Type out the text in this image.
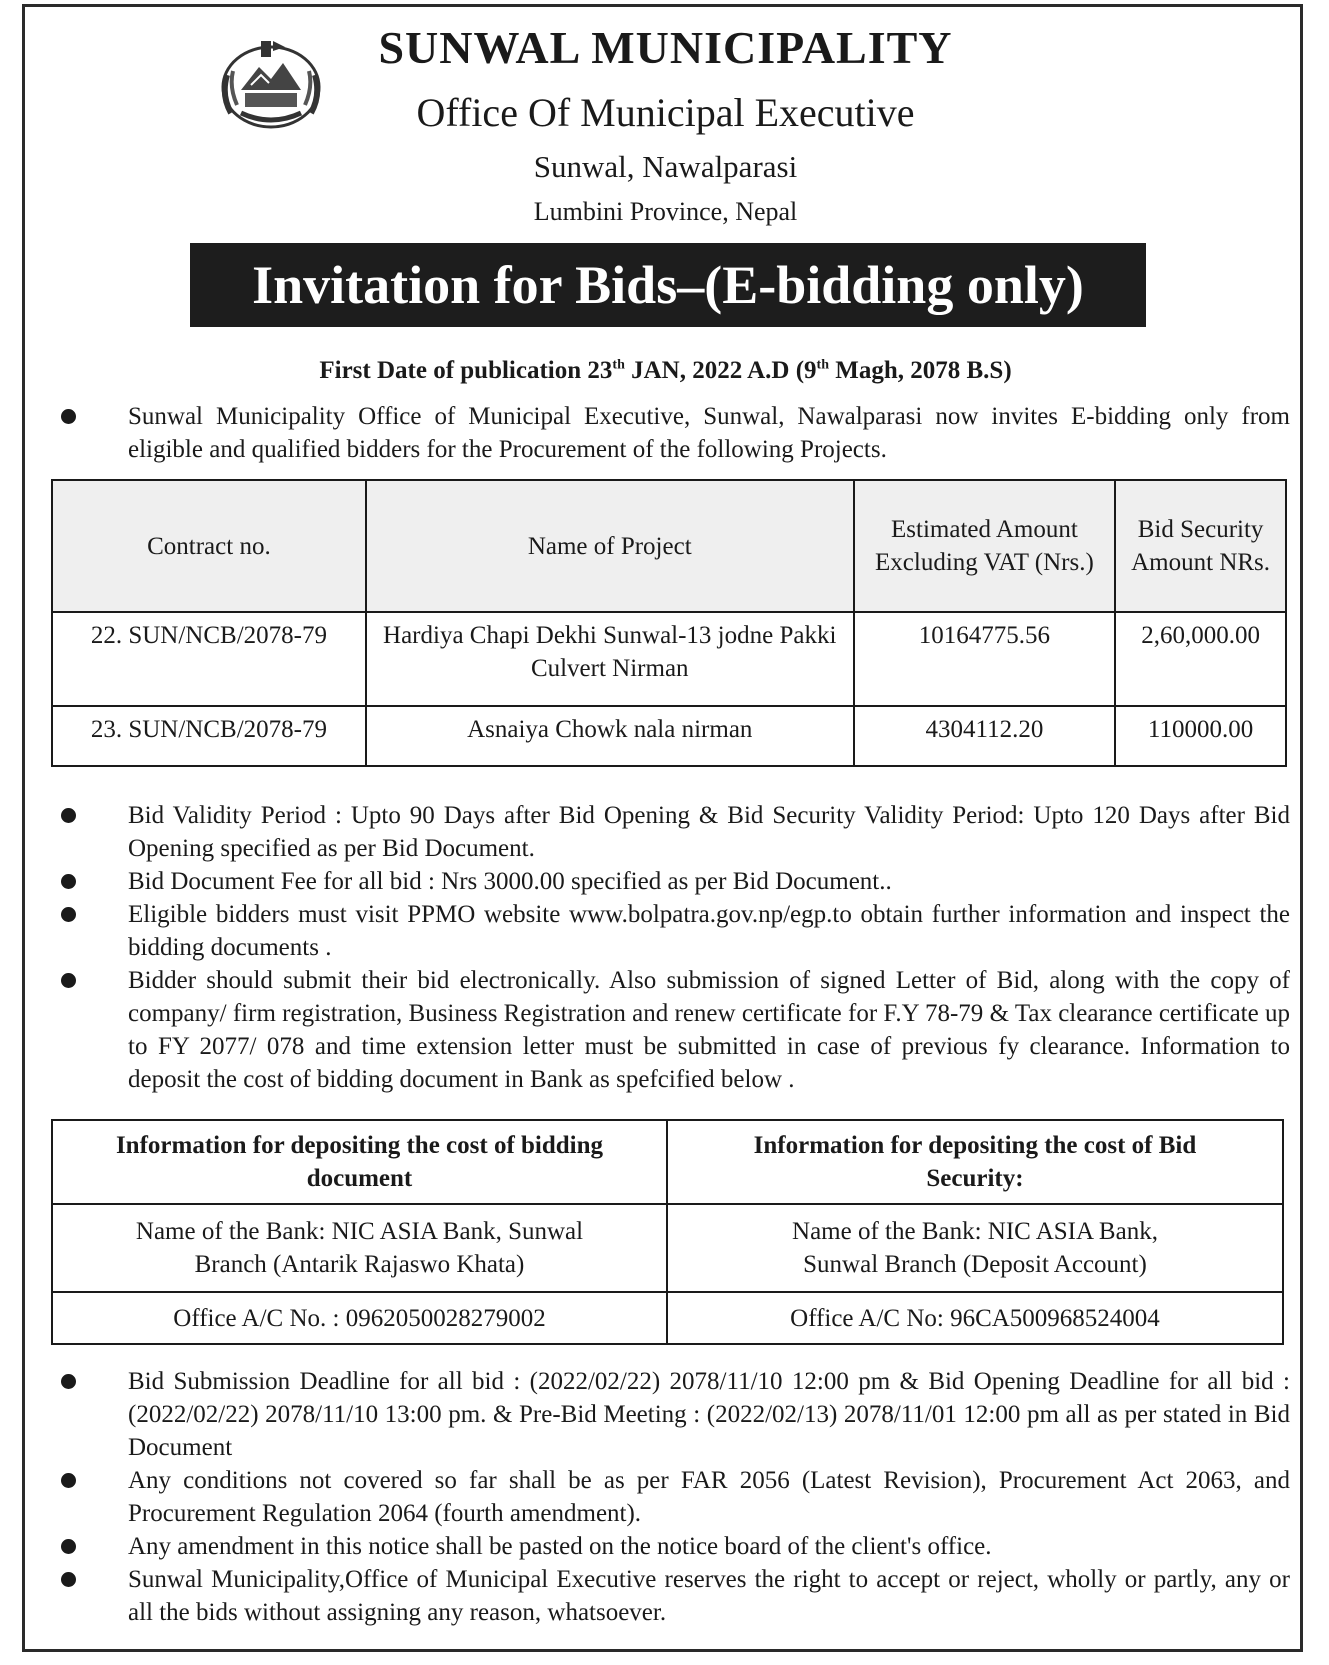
SUNWAL MUNICIPALITY
Office Of Municipal Executive
Sunwal, Nawalparasi
Lumbini Province, Nepal
Invitation for Bids–(E-bidding only)
First Date of publication 23th JAN, 2022 A.D (9th Magh, 2078 B.S)
Sunwal Municipality Office of Municipal Executive, Sunwal, Nawalparasi now invites E-bidding only from eligible and qualified bidders for the Procurement of the following Projects.
Contract no.	Name of Project	Estimated Amount Excluding VAT (Nrs.)	Bid Security Amount NRs.
22. SUN/NCB/2078-79	Hardiya Chapi Dekhi Sunwal-13 jodne Pakki Culvert Nirman	10164775.56	2,60,000.00
23. SUN/NCB/2078-79	Asnaiya Chowk nala nirman	4304112.20	110000.00
Bid Validity Period : Upto 90 Days after Bid Opening & Bid Security Validity Period: Upto 120 Days after Bid Opening specified as per Bid Document.
Bid Document Fee for all bid : Nrs 3000.00 specified as per Bid Document..
Eligible bidders must visit PPMO website www.bolpatra.gov.np/egp.to obtain further information and inspect the bidding documents .
Bidder should submit their bid electronically. Also submission of signed Letter of Bid, along with the copy of company/ firm registration, Business Registration and renew certificate for F.Y 78-79 & Tax clearance certificate up to FY 2077/ 078 and time extension letter must be submitted in case of previous fy clearance. Information to deposit the cost of bidding document in Bank as spefcified below .
Information for depositing the cost of bidding document	Information for depositing the cost of Bid Security:
Name of the Bank: NIC ASIA Bank, Sunwal Branch (Antarik Rajaswo Khata)	Name of the Bank: NIC ASIA Bank, Sunwal Branch (Deposit Account)
Office A/C No. : 0962050028279002	Office A/C No: 96CA500968524004
Bid Submission Deadline for all bid : (2022/02/22) 2078/11/10 12:00 pm & Bid Opening Deadline for all bid : (2022/02/22) 2078/11/10 13:00 pm. & Pre-Bid Meeting : (2022/02/13) 2078/11/01 12:00 pm all as per stated in Bid Document
Any conditions not covered so far shall be as per FAR 2056 (Latest Revision), Procurement Act 2063, and Procurement Regulation 2064 (fourth amendment).
Any amendment in this notice shall be pasted on the notice board of the client's office.
Sunwal Municipality,Office of Municipal Executive reserves the right to accept or reject, wholly or partly, any or all the bids without assigning any reason, whatsoever.
